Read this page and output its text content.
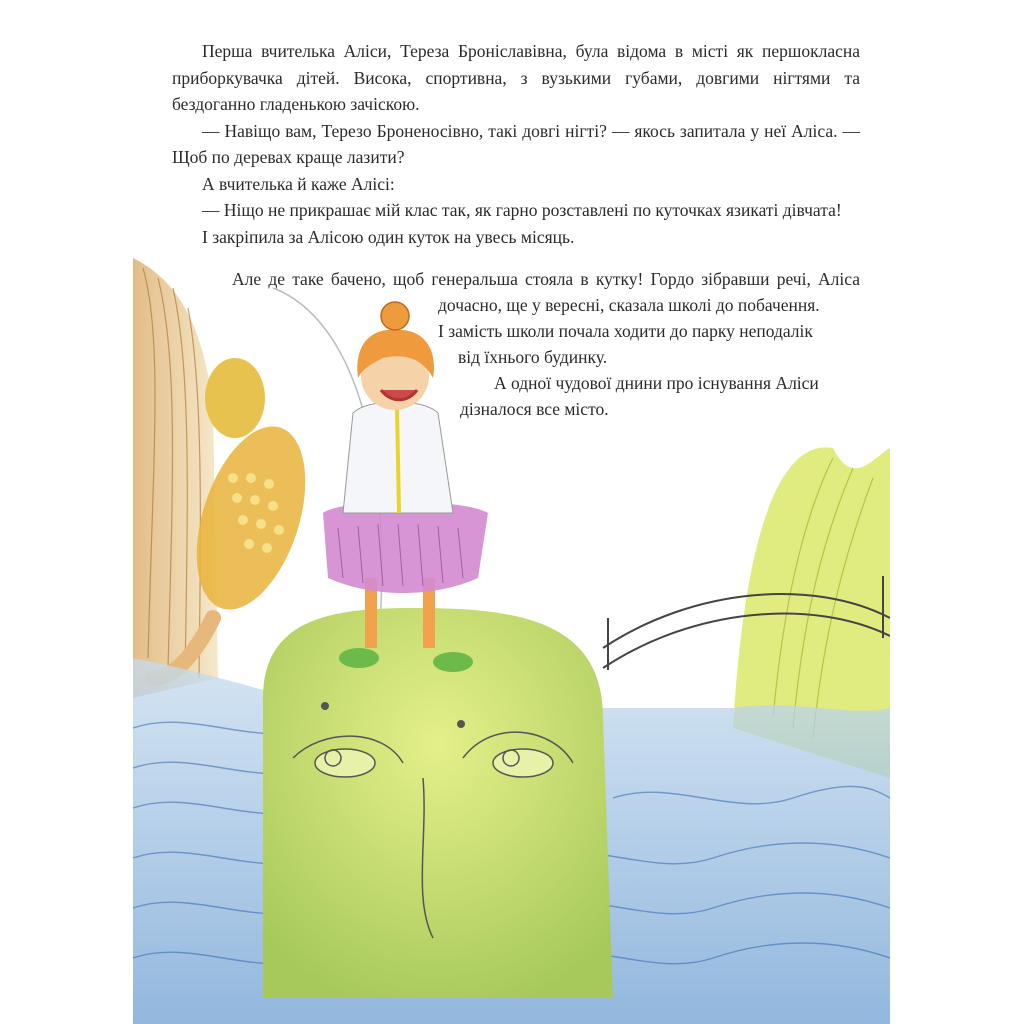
Перша вчителька Аліси, Тереза Броніславівна, була відома в місті як першокласна приборкувачка дітей. Висока, спортивна, з вузькими губами, довгими нігтями та бездоганно гладенькою зачіскою.

— Навіщо вам, Терезо Броненосівно, такі довгі нігті? — якось запитала у неї Аліса. — Щоб по деревах краще лазити?

А вчителька й каже Алісі:

— Ніщо не прикрашає мій клас так, як гарно розставлені по куточках язикаті дівчата!

І закріпила за Алісою один куток на увесь місяць.

Але де таке бачено, щоб генеральша стояла в кутку! Гордо зібравши речі, Аліса
дочасно, ще у вересні, сказала школі до побачення.
І замість школи почала ходити до парку неподалік
від їхнього будинку.
А одної чудової днини про існування Аліси
дізналося все місто.
